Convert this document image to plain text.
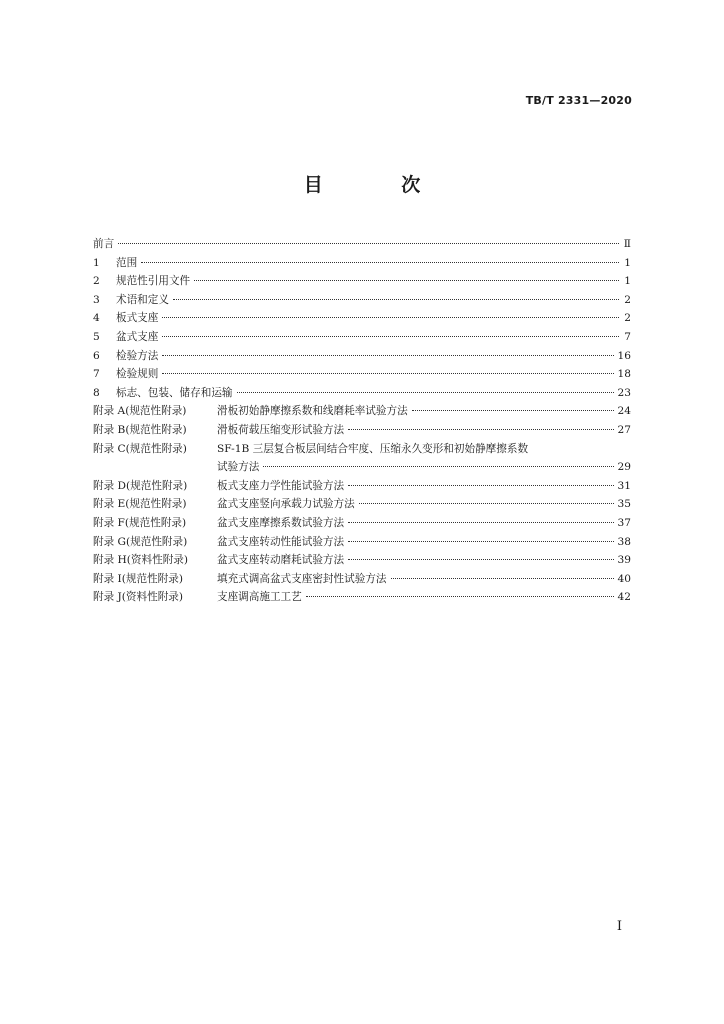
TB/T 2331—2020
目 次
前言	Ⅱ
1	范围	1
2	规范性引用文件	1
3	术语和定义	2
4	板式支座	2
5	盆式支座	7
6	检验方法	16
7	检验规则	18
8	标志、包装、储存和运输	23
附录 A(规范性附录)	滑板初始静摩擦系数和线磨耗率试验方法	24
附录 B(规范性附录)	滑板荷载压缩变形试验方法	27
附录 C(规范性附录)	SF-1B 三层复合板层间结合牢度、压缩永久变形和初始静摩擦系数
试验方法	29
附录 D(规范性附录)	板式支座力学性能试验方法	31
附录 E(规范性附录)	盆式支座竖向承载力试验方法	35
附录 F(规范性附录)	盆式支座摩擦系数试验方法	37
附录 G(规范性附录)	盆式支座转动性能试验方法	38
附录 H(资料性附录)	盆式支座转动磨耗试验方法	39
附录 I(规范性附录)	填充式调高盆式支座密封性试验方法	40
附录 J(资料性附录)	支座调高施工工艺	42
I
